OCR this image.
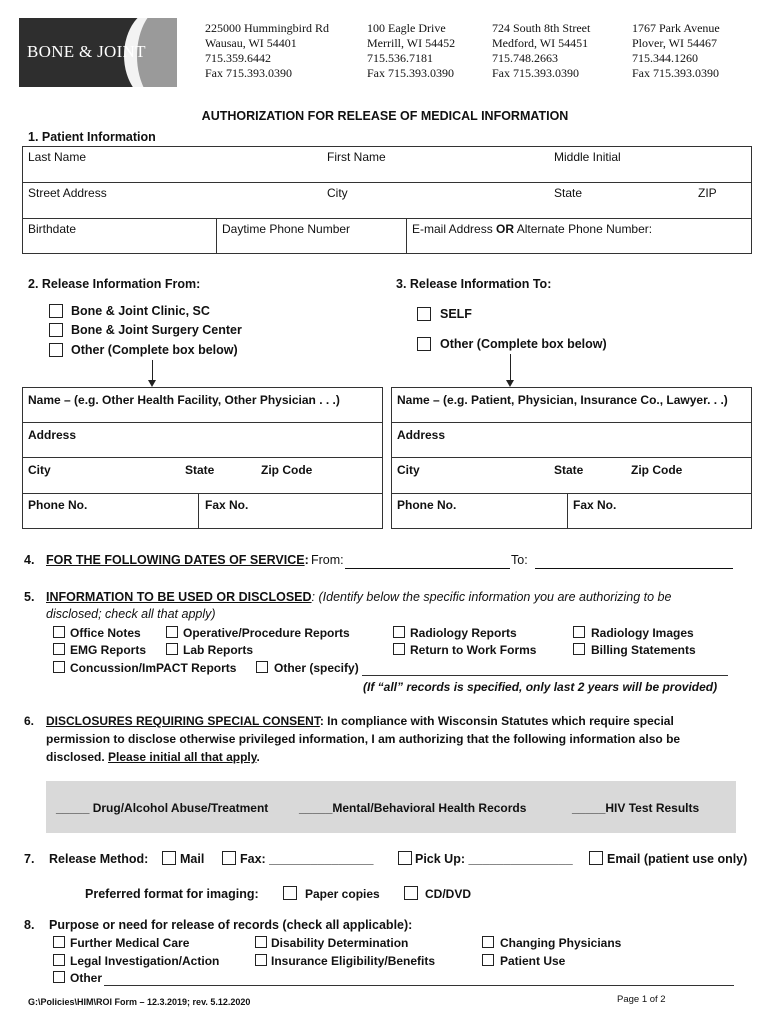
BONE & JOINT
225000 Hummingbird Rd
Wausau, WI 54401
715.359.6442
Fax 715.393.0390
100 Eagle Drive
Merrill, WI 54452
715.536.7181
Fax 715.393.0390
724 South 8th Street
Medford, WI 54451
715.748.2663
Fax 715.393.0390
1767 Park Avenue
Plover, WI 54467
715.344.1260
Fax 715.393.0390
AUTHORIZATION FOR RELEASE OF MEDICAL INFORMATION
1. Patient Information
Last Name	First Name	Middle Initial
Street Address	City	State	ZIP
Birthdate	Daytime Phone Number	E-mail Address OR Alternate Phone Number:
2. Release Information From:
Bone & Joint Clinic, SC
Bone & Joint Surgery Center
Other (Complete box below)
Name – (e.g. Other Health Facility, Other Physician . . .)
Address
City	State	Zip Code
Phone No.	Fax No.
3. Release Information To:
SELF
Other (Complete box below)
Name – (e.g. Patient, Physician, Insurance Co., Lawyer. . .)
Address
City	State	Zip Code
Phone No.	Fax No.
4. FOR THE FOLLOWING DATES OF SERVICE: From:	To:
5. INFORMATION TO BE USED OR DISCLOSED: (Identify below the specific information you are authorizing to be
disclosed; check all that apply)
Office Notes	Operative/Procedure Reports	Radiology Reports	Radiology Images
EMG Reports	Lab Reports	Return to Work Forms	Billing Statements
Concussion/ImPACT Reports	Other (specify)
(If “all” records is specified, only last 2 years will be provided)
6. DISCLOSURES REQUIRING SPECIAL CONSENT: In compliance with Wisconsin Statutes which require special
permission to disclose otherwise privileged information, I am authorizing that the following information also be
disclosed. Please initial all that apply.
_____ Drug/Alcohol Abuse/Treatment	_____Mental/Behavioral Health Records	_____HIV Test Results
7. Release Method:	Mail	Fax: _______________	Pick Up: _______________	Email (patient use only)
Preferred format for imaging:	Paper copies	CD/DVD
8. Purpose or need for release of records (check all applicable):
Further Medical Care	Disability Determination	Changing Physicians
Legal Investigation/Action	Insurance Eligibility/Benefits	Patient Use
Other
G:\Policies\HIM\ROI Form – 12.3.2019; rev. 5.12.2020	Page 1 of 2
